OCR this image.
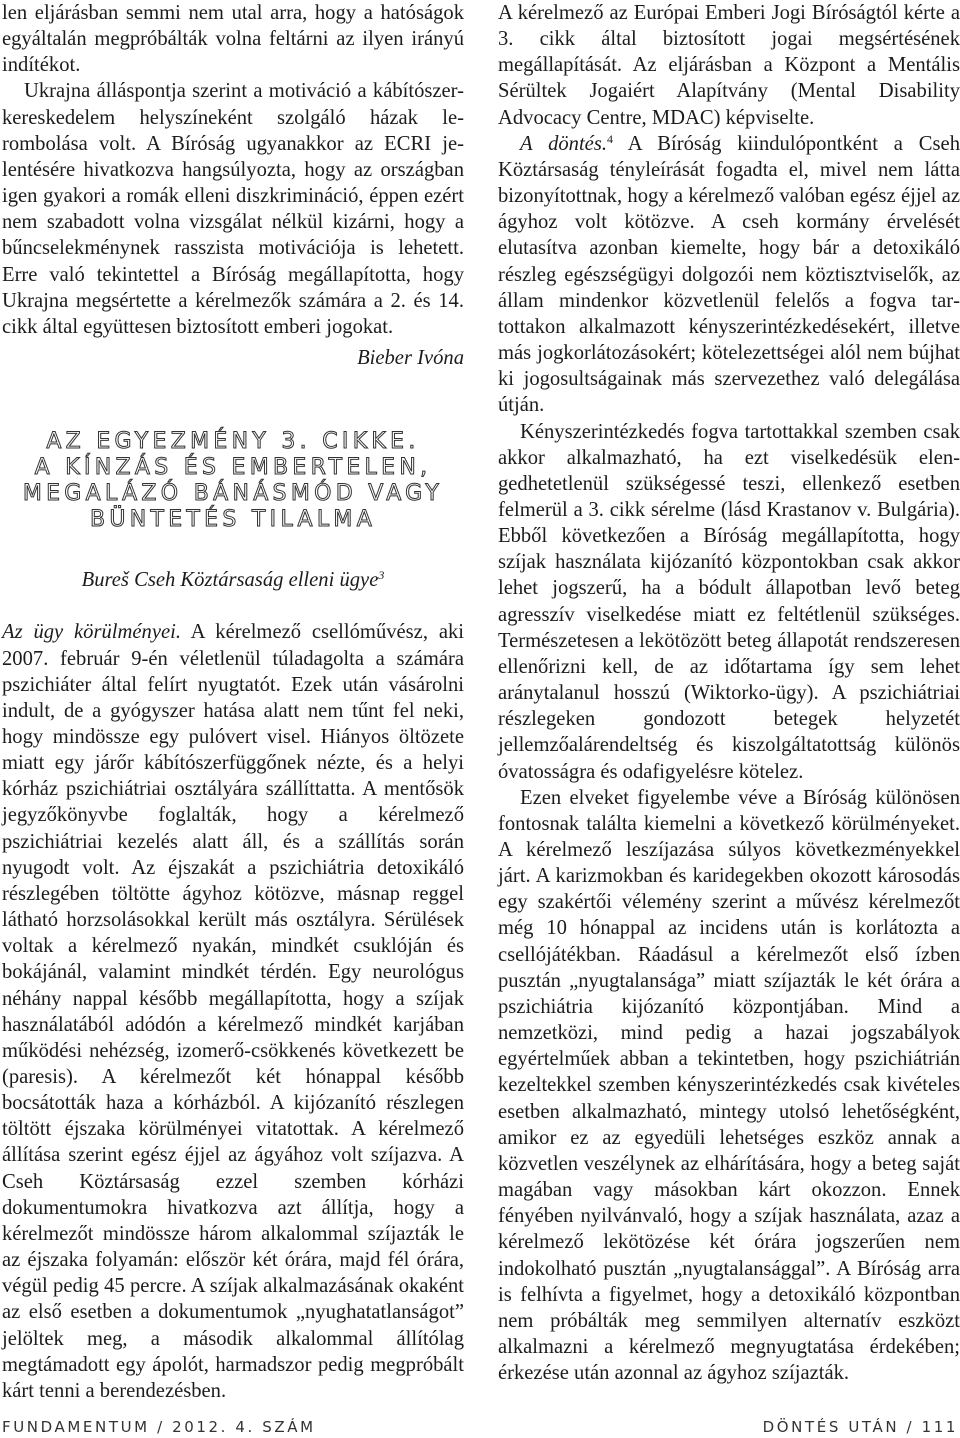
len eljárásban semmi nem utal arra, hogy a hatóságok egyáltalán megpróbálták volna feltárni az ilyen irányú indítékot.

Ukrajna álláspontja szerint a motiváció a kábítószer-kereskedelem helyszíneként szolgáló házak lerombolása volt. A Bíróság ugyanakkor az ECRI jelentésére hivatkozva hangsúlyozta, hogy az országban igen gyakori a romák elleni diszkrimináció, éppen ezért nem szabadott volna vizsgálat nélkül kizárni, hogy a bűncselekménynek rasszista motivációja is lehetett. Erre való tekintettel a Bíróság megállapította, hogy Ukrajna megsértette a kérelmezők számára a 2. és 14. cikk által együttesen biztosított emberi jogokat.

Bieber Ivóna

AZ EGYEZMÉNY 3. CIKKE.
A KÍNZÁS ÉS EMBERTELEN,
MEGALÁZÓ BÁNÁSMÓD VAGY
BÜNTETÉS TILALMA

Bureš Cseh Köztársaság elleni ügye$^3$

Az ügy körülményei. A kérelmező csellóművész, aki 2007. február 9-én véletlenül túladagolta a számára pszichiáter által felírt nyugtatót. Ezek után vásárolni indult, de a gyógyszer hatása alatt nem tűnt fel neki, hogy mindössze egy pulóvert visel. Hiányos öltözete miatt egy járőr kábítószerfüggőnek nézte, és a helyi kórház pszichiátriai osztályára szállíttatta. A mentősök jegyzőkönyvbe foglalták, hogy a kérelmező pszichiátriai kezelés alatt áll, és a szállítás során nyugodt volt. Az éjszakát a pszichiátria detoxikáló részlegében töltötte ágyhoz kötözve, másnap reggel látható horzsolásokkal került más osztályra. Sérülések voltak a kérelmező nyakán, mindkét csuklóján és bokájánál, valamint mindkét térdén. Egy neurológus néhány nappal később megállapította, hogy a szíjak használatából adódón a kérelmező mindkét karjában működési nehézség, izomerő-csökkenés következett be (paresis). A kérelmezőt két hónappal később bocsátották haza a kórházból. A kijózanító részlegen töltött éjszaka körülményei vitatottak. A kérelmező állítása szerint egész éjjel az ágyához volt szíjazva. A Cseh Köztársaság ezzel szemben kórházi dokumentumokra hivatkozva azt állítja, hogy a kérelmezőt mindössze három alkalommal szíjazták le az éjszaka folyamán: először két órára, majd fél órára, végül pedig 45 percre. A szíjak alkalmazásának okaként az első esetben a dokumentumok „nyughatatlanságot” jelöltek meg, a második alkalommal állítólag megtámadott egy ápolót, harmadszor pedig megpróbált kárt tenni a berendezésben.

A kérelmező az Európai Emberi Jogi Bíróságtól kérte a 3. cikk által biztosított jogai megsértésének megállapítását. Az eljárásban a Központ a Mentális Sérültek Jogaiért Alapítvány (Mental Disability Advocacy Centre, MDAC) képviselte.

A döntés.$^4$ A Bíróság kiindulópontként a Cseh Köztársaság tényleírását fogadta el, mivel nem látta bizonyítottnak, hogy a kérelmező valóban egész éjjel az ágyhoz volt kötözve. A cseh kormány érvelését elutasítva azonban kiemelte, hogy bár a detoxikáló részleg egészségügyi dolgozói nem köztisztviselők, az állam mindenkor közvetlenül felelős a fogva tartottakon alkalmazott kényszerintézkedésekért, illetve más jogkorlátozásokért; kötelezettségei alól nem bújhat ki jogosultságainak más szervezethez való delegálása útján.

Kényszerintézkedés fogva tartottakkal szemben csak akkor alkalmazható, ha ezt viselkedésük elengedhetetlenül szükségessé teszi, ellenkező esetben felmerül a 3. cikk sérelme (lásd Krastanov v. Bulgária). Ebből következően a Bíróság megállapította, hogy szíjak használata kijózanító központokban csak akkor lehet jogszerű, ha a bódult állapotban levő beteg agresszív viselkedése miatt ez feltétlenül szükséges. Természetesen a lekötözött beteg állapotát rendszeresen ellenőrizni kell, de az időtartama így sem lehet aránytalanul hosszú (Wiktorko-ügy). A pszichiátriai részlegeken gondozott betegek helyzetét jellemzőalárendeltség és kiszolgáltatottság különös óvatosságra és odafigyelésre kötelez.

Ezen elveket figyelembe véve a Bíróság különösen fontosnak találta kiemelni a következő körülményeket. A kérelmező leszíjazása súlyos következményekkel járt. A karizmokban és karidegekben okozott károsodás egy szakértői vélemény szerint a művész kérelmezőt még 10 hónappal az incidens után is korlátozta a csellójátékban. Ráadásul a kérelmezőt első ízben pusztán „nyugtalansága” miatt szíjazták le két órára a pszichiátria kijózanító központjában. Mind a nemzetközi, mind pedig a hazai jogszabályok egyértelműek abban a tekintetben, hogy pszichiátrián kezeltekkel szemben kényszerintézkedés csak kivételes esetben alkalmazható, mintegy utolsó lehetőségként, amikor ez az egyedüli lehetséges eszköz annak a közvetlen veszélynek az elhárítására, hogy a beteg saját magában vagy másokban kárt okozzon. Ennek fényében nyilvánvaló, hogy a szíjak használata, azaz a kérelmező lekötözése két órára jogszerűen nem indokolható pusztán „nyugtalansággal”. A Bíróság arra is felhívta a figyelmet, hogy a detoxikáló központban nem próbálták meg semmilyen alternatív eszközt alkalmazni a kérelmező megnyugtatása érdekében; érkezése után azonnal az ágyhoz szíjazták.

FUNDAMENTUM / 2012. 4. SZÁM	DÖNTÉS UTÁN / 111
